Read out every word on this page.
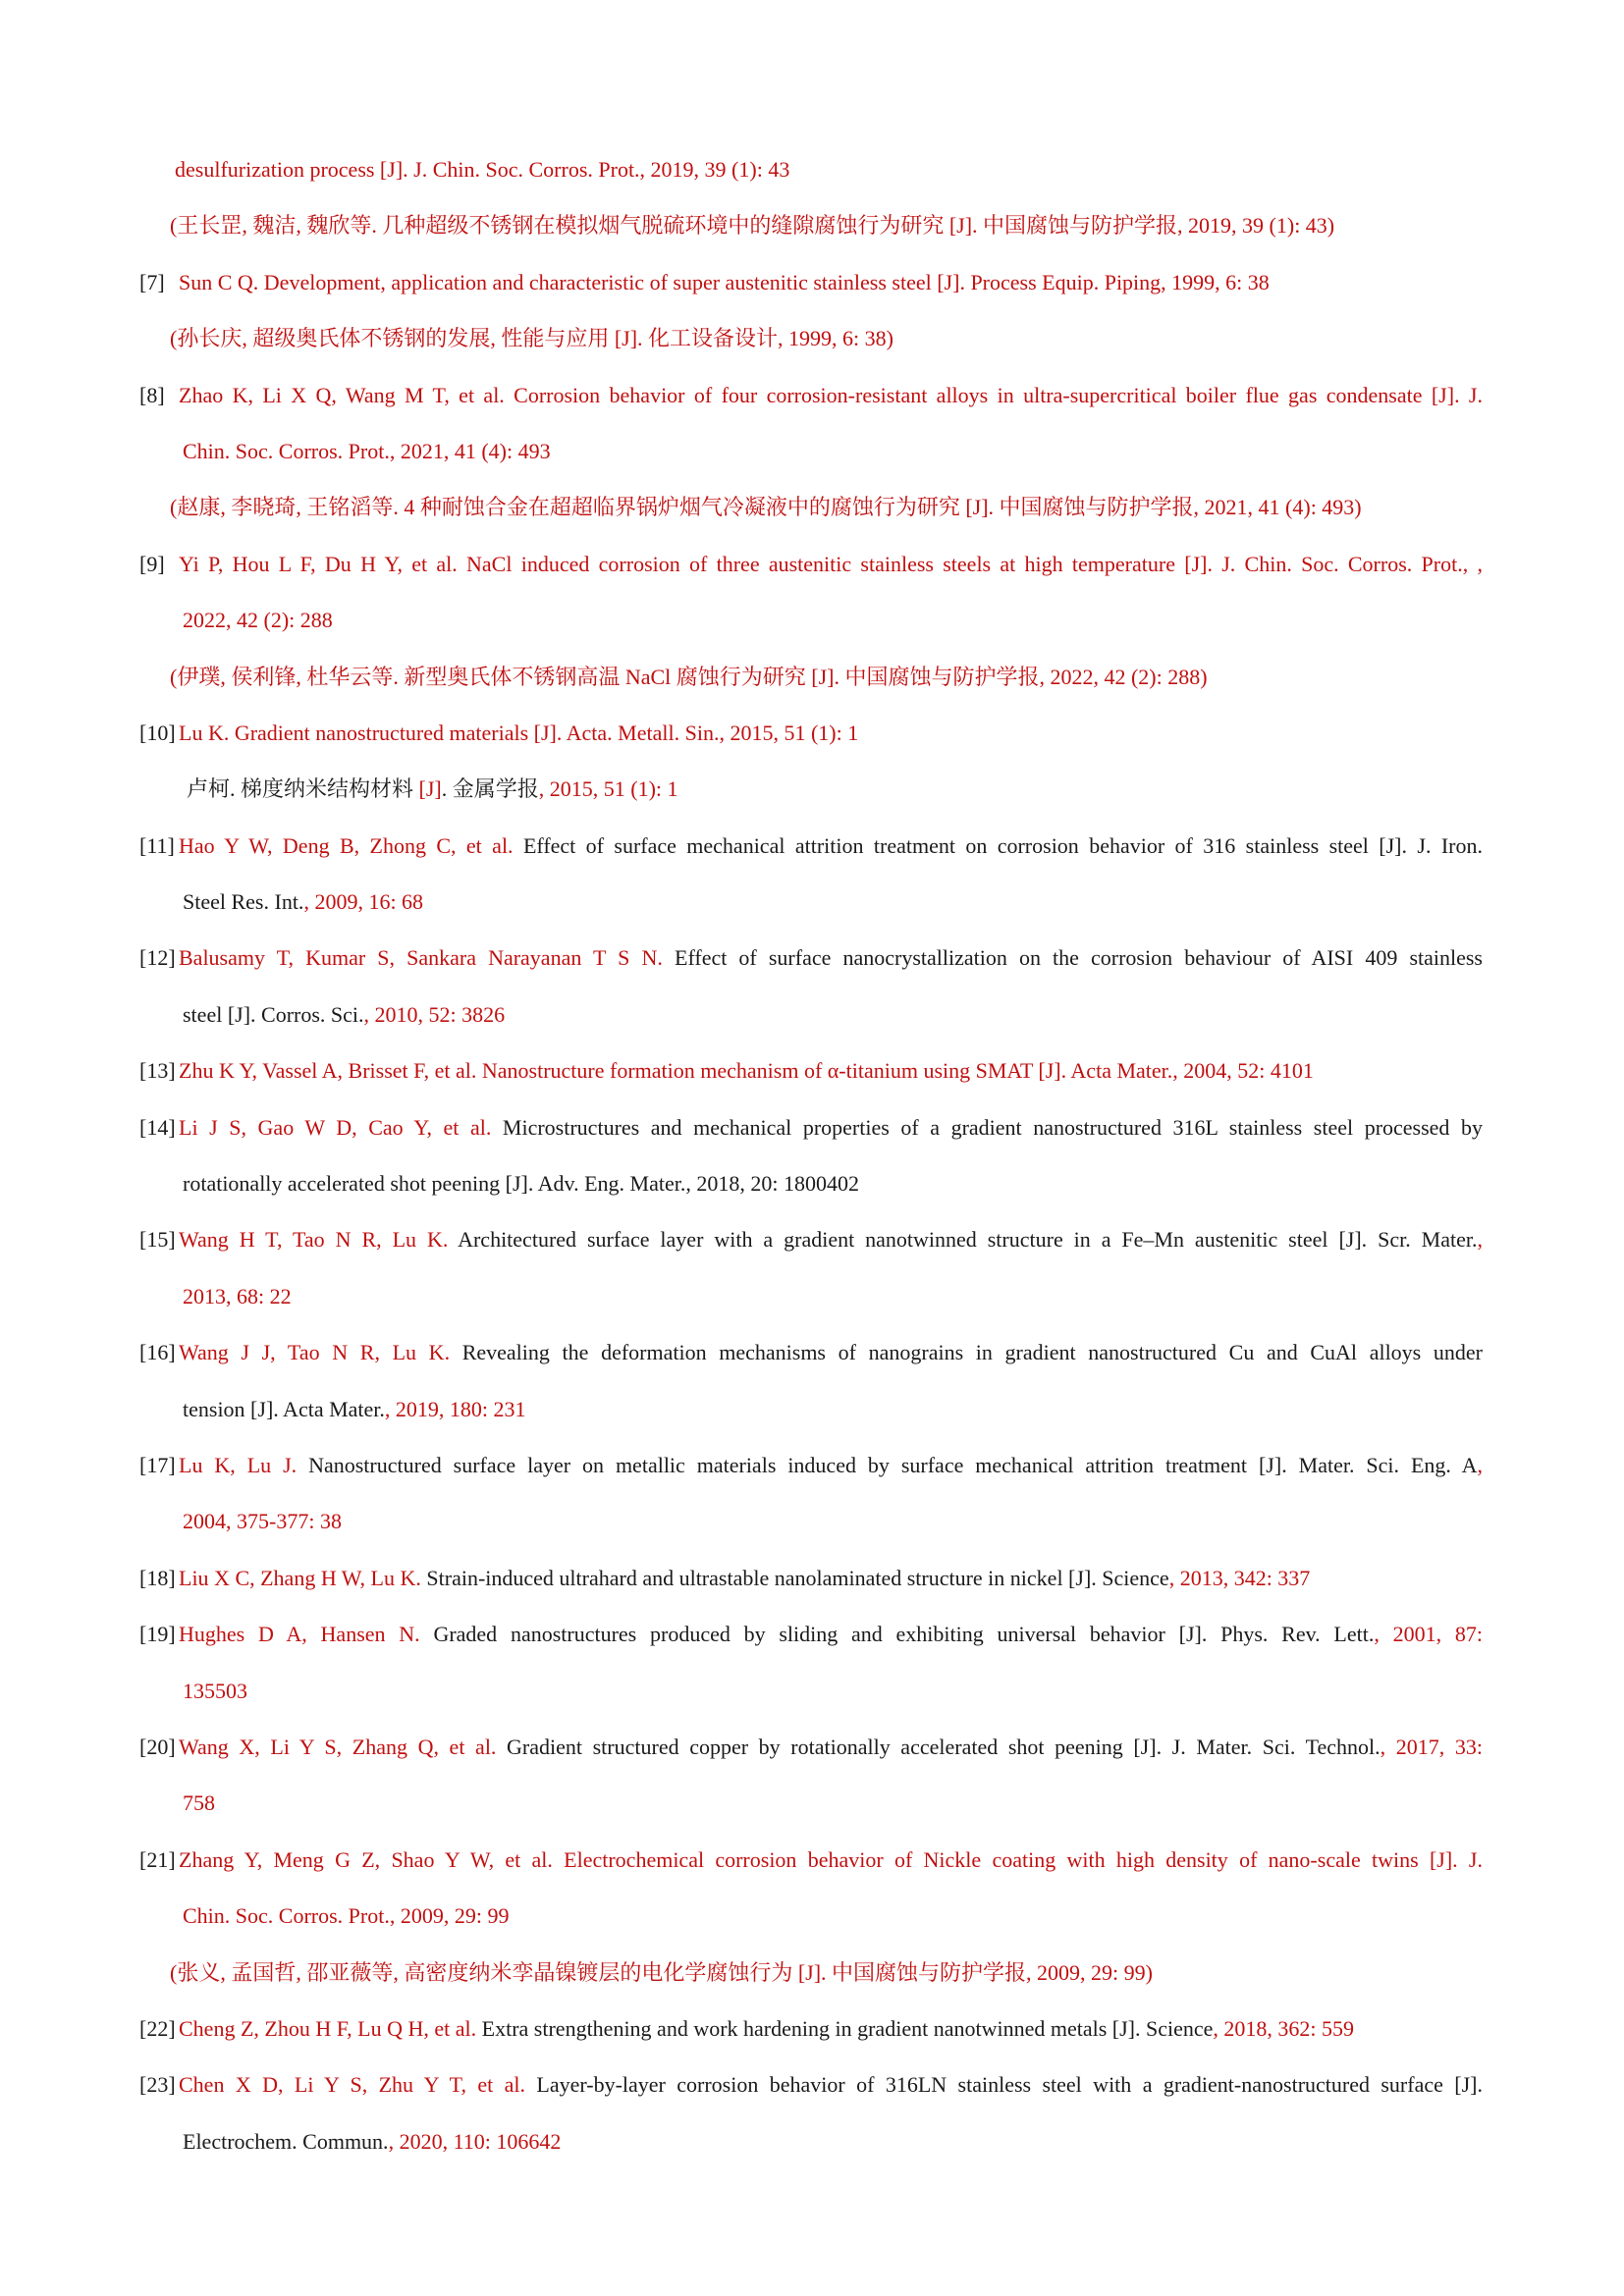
desulfurization process [J]. J. Chin. Soc. Corros. Prot., 2019, 39 (1): 43
(王长罡, 魏洁, 魏欣等. 几种超级不锈钢在模拟烟气脱硫环境中的缝隙腐蚀行为研究 [J]. 中国腐蚀与防护学报, 2019, 39 (1): 43)
[7] Sun C Q. Development, application and characteristic of super austenitic stainless steel [J]. Process Equip. Piping, 1999, 6: 38
(孙长庆, 超级奥氏体不锈钢的发展, 性能与应用 [J]. 化工设备设计, 1999, 6: 38)
[8] Zhao K, Li X Q, Wang M T, et al. Corrosion behavior of four corrosion-resistant alloys in ultra-supercritical boiler flue gas condensate [J]. J.
Chin. Soc. Corros. Prot., 2021, 41 (4): 493
(赵康, 李晓琦, 王铭滔等. 4 种耐蚀合金在超超临界锅炉烟气冷凝液中的腐蚀行为研究 [J]. 中国腐蚀与防护学报, 2021, 41 (4): 493)
[9] Yi P, Hou L F, Du H Y, et al. NaCl induced corrosion of three austenitic stainless steels at high temperature [J]. J. Chin. Soc. Corros. Prot., ,
2022, 42 (2): 288
(伊璞, 侯利锋, 杜华云等. 新型奥氏体不锈钢高温 NaCl 腐蚀行为研究 [J]. 中国腐蚀与防护学报, 2022, 42 (2): 288)
[10] Lu K. Gradient nanostructured materials [J]. Acta. Metall. Sin., 2015, 51 (1): 1
卢柯. 梯度纳米结构材料 [J]. 金属学报, 2015, 51 (1): 1
[11] Hao Y W, Deng B, Zhong C, et al. Effect of surface mechanical attrition treatment on corrosion behavior of 316 stainless steel [J]. J. Iron.
Steel Res. Int., 2009, 16: 68
[12] Balusamy T, Kumar S, Sankara Narayanan T S N. Effect of surface nanocrystallization on the corrosion behaviour of AISI 409 stainless
steel [J]. Corros. Sci., 2010, 52: 3826
[13] Zhu K Y, Vassel A, Brisset F, et al. Nanostructure formation mechanism of α-titanium using SMAT [J]. Acta Mater., 2004, 52: 4101
[14] Li J S, Gao W D, Cao Y, et al. Microstructures and mechanical properties of a gradient nanostructured 316L stainless steel processed by
rotationally accelerated shot peening [J]. Adv. Eng. Mater., 2018, 20: 1800402
[15] Wang H T, Tao N R, Lu K. Architectured surface layer with a gradient nanotwinned structure in a Fe–Mn austenitic steel [J]. Scr. Mater.,
2013, 68: 22
[16] Wang J J, Tao N R, Lu K. Revealing the deformation mechanisms of nanograins in gradient nanostructured Cu and CuAl alloys under
tension [J]. Acta Mater., 2019, 180: 231
[17] Lu K, Lu J. Nanostructured surface layer on metallic materials induced by surface mechanical attrition treatment [J]. Mater. Sci. Eng. A,
2004, 375-377: 38
[18] Liu X C, Zhang H W, Lu K. Strain-induced ultrahard and ultrastable nanolaminated structure in nickel [J]. Science, 2013, 342: 337
[19] Hughes D A, Hansen N. Graded nanostructures produced by sliding and exhibiting universal behavior [J]. Phys. Rev. Lett., 2001, 87:
135503
[20] Wang X, Li Y S, Zhang Q, et al. Gradient structured copper by rotationally accelerated shot peening [J]. J. Mater. Sci. Technol., 2017, 33:
758
[21] Zhang Y, Meng G Z, Shao Y W, et al. Electrochemical corrosion behavior of Nickle coating with high density of nano-scale twins [J]. J.
Chin. Soc. Corros. Prot., 2009, 29: 99
(张义, 孟国哲, 邵亚薇等, 高密度纳米孪晶镍镀层的电化学腐蚀行为 [J]. 中国腐蚀与防护学报, 2009, 29: 99)
[22] Cheng Z, Zhou H F, Lu Q H, et al. Extra strengthening and work hardening in gradient nanotwinned metals [J]. Science, 2018, 362: 559
[23] Chen X D, Li Y S, Zhu Y T, et al. Layer-by-layer corrosion behavior of 316LN stainless steel with a gradient-nanostructured surface [J].
Electrochem. Commun., 2020, 110: 106642
